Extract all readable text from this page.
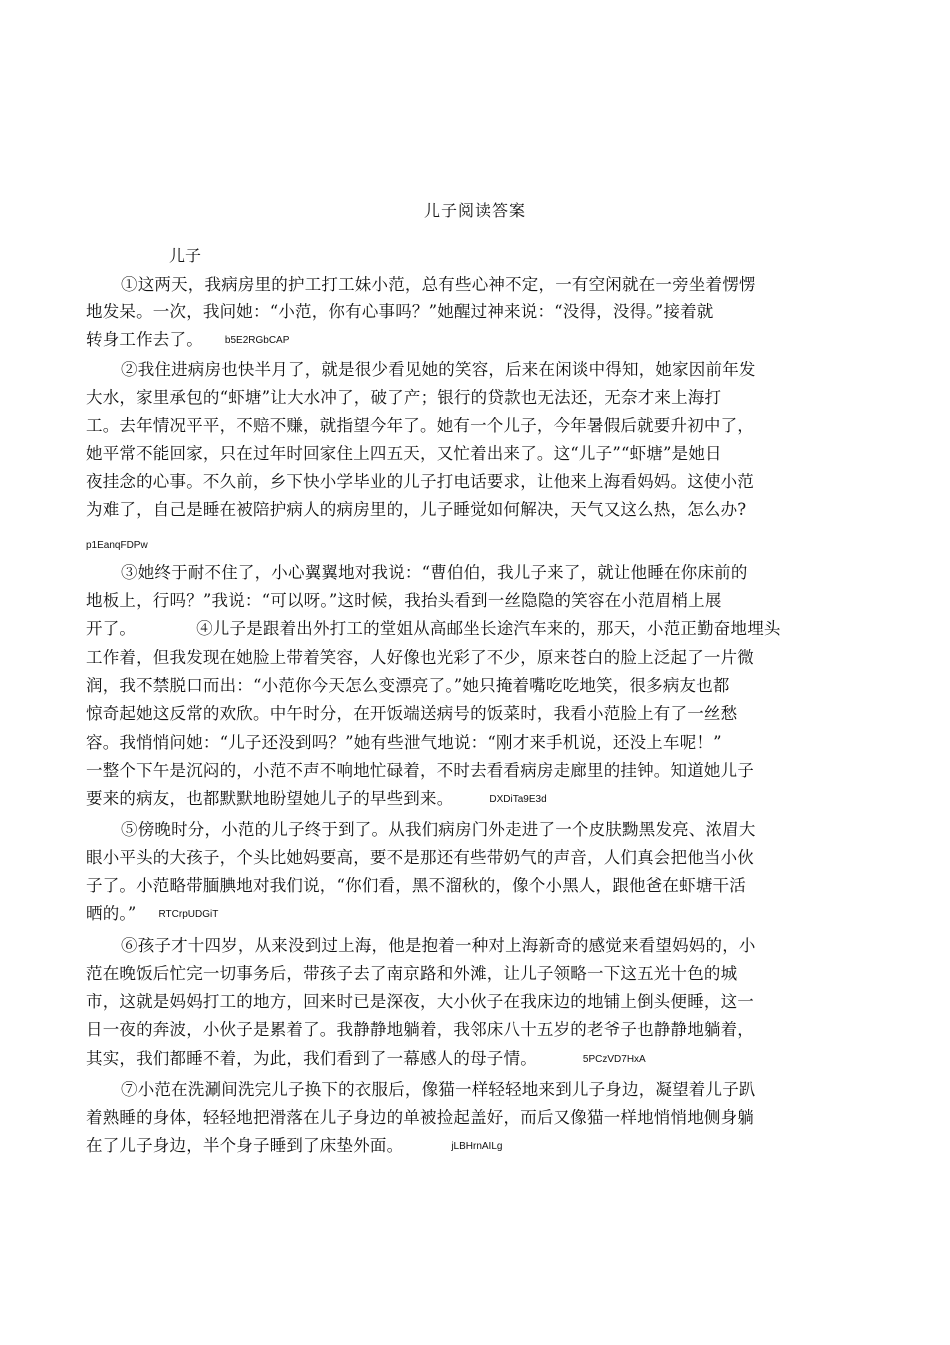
儿子阅读答案
儿子
①这两天，我病房里的护工打工妹小范，总有些心神不定，一有空闲就在一旁坐着愣愣
地发呆。一次，我问她：“小范，你有心事吗？”她醒过神来说：“没得，没得。”接着就
转身工作去了。 b5E2RGbCAP
②我住进病房也快半月了，就是很少看见她的笑容，后来在闲谈中得知，她家因前年发
大水，家里承包的“虾塘”让大水冲了，破了产；银行的贷款也无法还，无奈才来上海打
工。去年情况平平，不赔不赚，就指望今年了。她有一个儿子，今年暑假后就要升初中了，
她平常不能回家，只在过年时回家住上四五天，又忙着出来了。这“儿子”“虾塘”是她日
夜挂念的心事。不久前，乡下快小学毕业的儿子打电话要求，让他来上海看妈妈。这使小范
为难了，自己是睡在被陪护病人的病房里的，儿子睡觉如何解决，天气又这么热，怎么办?
p1EanqFDPw
③她终于耐不住了，小心翼翼地对我说：“曹伯伯，我儿子来了，就让他睡在你床前的
地板上，行吗？”我说：“可以呀。”这时候，我抬头看到一丝隐隐的笑容在小范眉梢上展
开了。	④儿子是跟着出外打工的堂姐从高邮坐长途汽车来的，那天，小范正勤奋地埋头
工作着，但我发现在她脸上带着笑容，人好像也光彩了不少，原来苍白的脸上泛起了一片微
润，我不禁脱口而出：“小范你今天怎么变漂亮了。”她只掩着嘴吃吃地笑，很多病友也都
惊奇起她这反常的欢欣。中午时分，在开饭端送病号的饭菜时，我看小范脸上有了一丝愁
容。我悄悄问她：“儿子还没到吗？”她有些泄气地说：“刚才来手机说，还没上车呢！”
一整个下午是沉闷的，小范不声不响地忙碌着，不时去看看病房走廊里的挂钟。知道她儿子
要来的病友，也都默默地盼望她儿子的早些到来。	DXDiTa9E3d
⑤傍晚时分，小范的儿子终于到了。从我们病房门外走进了一个皮肤黝黑发亮、浓眉大
眼小平头的大孩子，个头比她妈要高，要不是那还有些带奶气的声音，人们真会把他当小伙
子了。小范略带腼腆地对我们说，“你们看，黑不溜秋的，像个小黑人，跟他爸在虾塘干活
晒的。” RTCrpUDGiT
⑥孩子才十四岁，从来没到过上海，他是抱着一种对上海新奇的感觉来看望妈妈的，小
范在晚饭后忙完一切事务后，带孩子去了南京路和外滩，让儿子领略一下这五光十色的城
市，这就是妈妈打工的地方，回来时已是深夜，大小伙子在我床边的地铺上倒头便睡，这一
日一夜的奔波，小伙子是累着了。我静静地躺着，我邻床八十五岁的老爷子也静静地躺着，
其实，我们都睡不着，为此，我们看到了一幕感人的母子情。	5PCzVD7HxA
⑦小范在洗涮间洗完儿子换下的衣服后，像猫一样轻轻地来到儿子身边，凝望着儿子趴
着熟睡的身体，轻轻地把滑落在儿子身边的单被捡起盖好，而后又像猫一样地悄悄地侧身躺
在了儿子身边，半个身子睡到了床垫外面。	jLBHrnAILg
